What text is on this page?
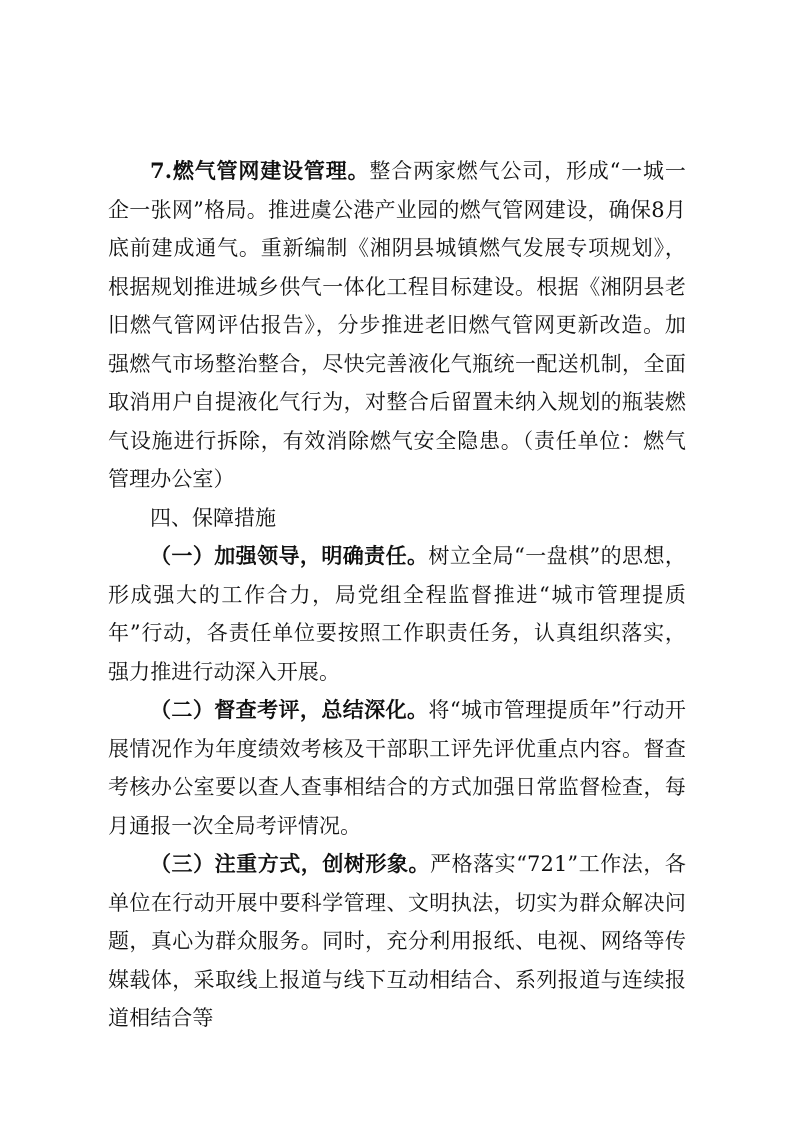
7.燃气管网建设管理。整合两家燃气公司，形成“一城一企一张网”格局。推进虞公港产业园的燃气管网建设，确保8月底前建成通气。重新编制《湘阴县城镇燃气发展专项规划》，根据规划推进城乡供气一体化工程目标建设。根据《湘阴县老旧燃气管网评估报告》，分步推进老旧燃气管网更新改造。加强燃气市场整治整合，尽快完善液化气瓶统一配送机制，全面取消用户自提液化气行为，对整合后留置未纳入规划的瓶装燃气设施进行拆除，有效消除燃气安全隐患。（责任单位：燃气管理办公室）

四、保障措施

（一）加强领导，明确责任。树立全局“一盘棋”的思想，形成强大的工作合力，局党组全程监督推进“城市管理提质年”行动，各责任单位要按照工作职责任务，认真组织落实，强力推进行动深入开展。

（二）督查考评，总结深化。将“城市管理提质年”行动开展情况作为年度绩效考核及干部职工评先评优重点内容。督查考核办公室要以查人查事相结合的方式加强日常监督检查，每月通报一次全局考评情况。

（三）注重方式，创树形象。严格落实“721”工作法，各单位在行动开展中要科学管理、文明执法，切实为群众解决问题，真心为群众服务。同时，充分利用报纸、电视、网络等传媒载体，采取线上报道与线下互动相结合、系列报道与连续报道相结合等
